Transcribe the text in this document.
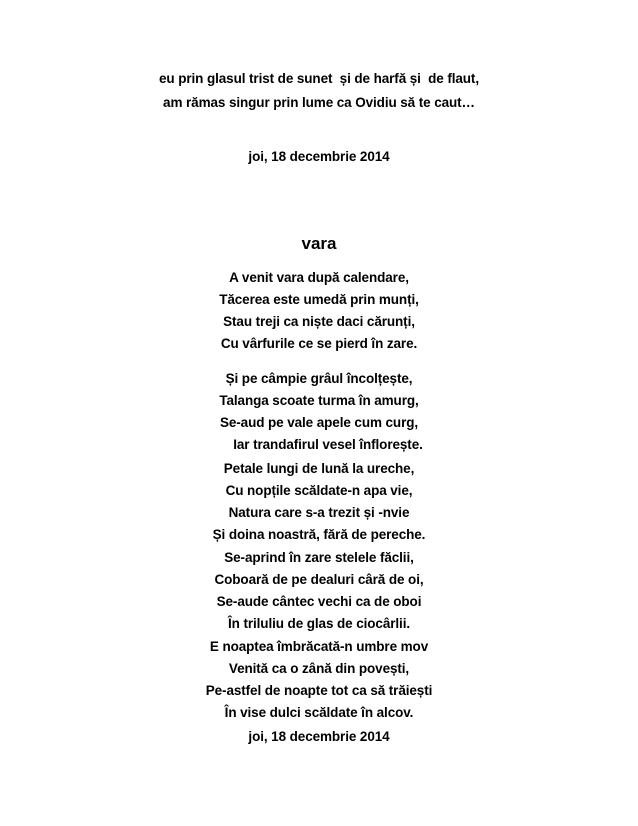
eu prin glasul trist de sunet  și de harfă și  de flaut,
am rămas singur prin lume ca Ovidiu să te caut…
joi, 18 decembrie 2014
vara
A venit vara după calendare,
Tăcerea este umedă prin munți,
Stau treji ca niște daci cărunți,
Cu vârfurile ce se pierd în zare.
Și pe câmpie grâul încolțește,
Talanga scoate turma în amurg,
Se-aud pe vale apele cum curg,
Iar trandafirul vesel înflorește.
Petale lungi de lună la ureche,
Cu nopțile scăldate-n apa vie,
Natura care s-a trezit și -nvie
Și doina noastră, fără de pereche.
Se-aprind în zare stelele făclii,
Coboară de pe dealuri câră de oi,
Se-aude cântec vechi ca de oboi
În triluliu de glas de ciocârlii.
E noaptea îmbrăcată-n umbre mov
Venită ca o zână din povești,
Pe-astfel de noapte tot ca să trăiești
În vise dulci scăldate în alcov.
joi, 18 decembrie 2014
